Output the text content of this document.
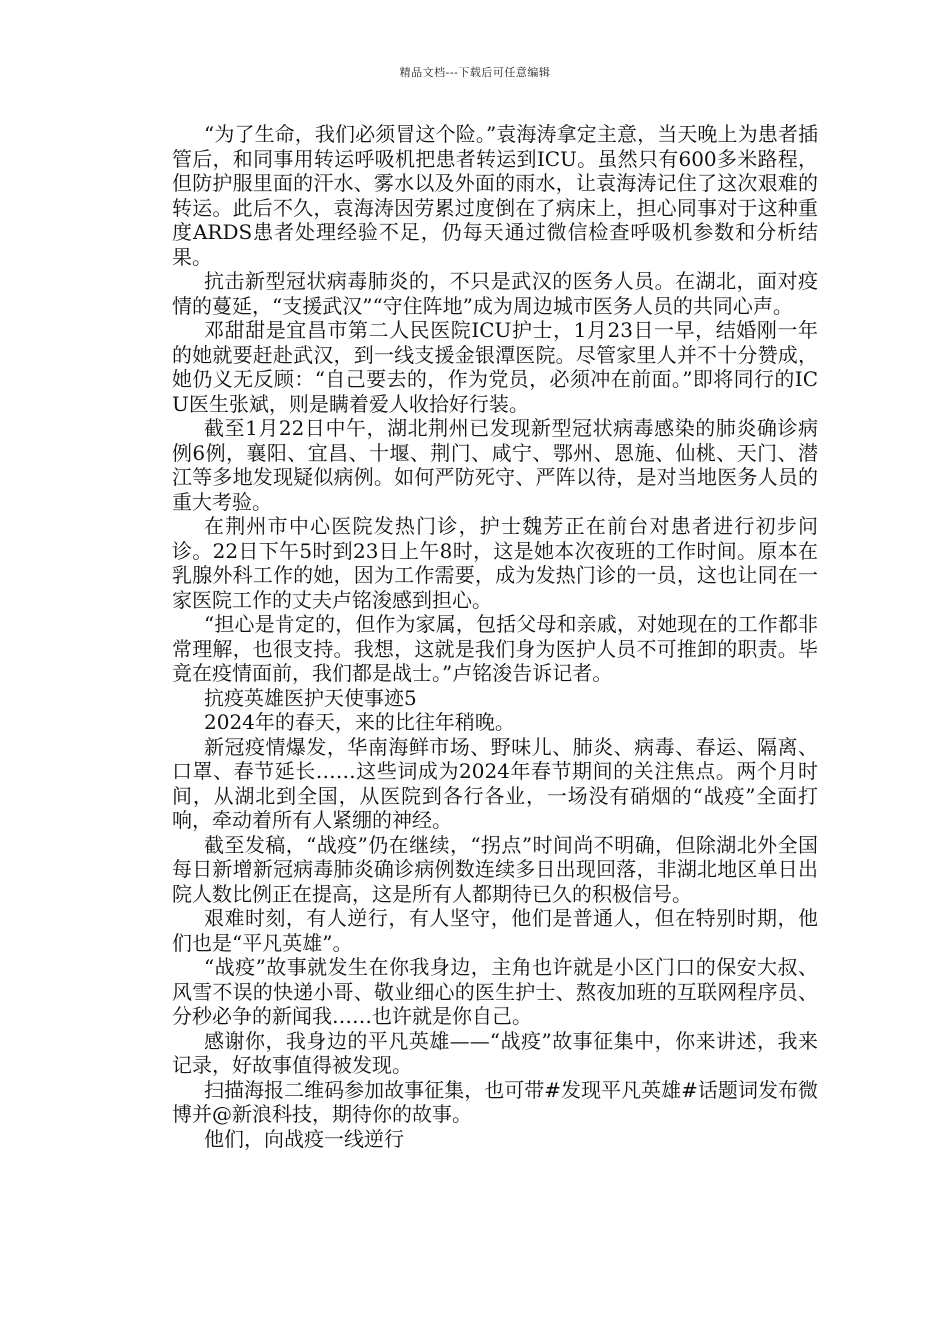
精品文档---下载后可任意编辑

“为了生命，我们必须冒这个险。”袁海涛拿定主意，当天晚上为患者插管后，和同事用转运呼吸机把患者转运到ICU。虽然只有600多米路程，但防护服里面的汗水、雾水以及外面的雨水，让袁海涛记住了这次艰难的转运。此后不久，袁海涛因劳累过度倒在了病床上，担心同事对于这种重度ARDS患者处理经验不足，仍每天通过微信检查呼吸机参数和分析结果。

抗击新型冠状病毒肺炎的，不只是武汉的医务人员。在湖北，面对疫情的蔓延，“支援武汉”“守住阵地”成为周边城市医务人员的共同心声。

邓甜甜是宜昌市第二人民医院ICU护士，1月23日一早，结婚刚一年的她就要赶赴武汉，到一线支援金银潭医院。尽管家里人并不十分赞成，她仍义无反顾：“自己要去的，作为党员，必须冲在前面。”即将同行的ICU医生张斌，则是瞒着爱人收拾好行装。

截至1月22日中午，湖北荆州已发现新型冠状病毒感染的肺炎确诊病例6例，襄阳、宜昌、十堰、荆门、咸宁、鄂州、恩施、仙桃、天门、潜江等多地发现疑似病例。如何严防死守、严阵以待，是对当地医务人员的重大考验。

在荆州市中心医院发热门诊，护士魏芳正在前台对患者进行初步问诊。22日下午5时到23日上午8时，这是她本次夜班的工作时间。原本在乳腺外科工作的她，因为工作需要，成为发热门诊的一员，这也让同在一家医院工作的丈夫卢铭浚感到担心。

“担心是肯定的，但作为家属，包括父母和亲戚，对她现在的工作都非常理解，也很支持。我想，这就是我们身为医护人员不可推卸的职责。毕竟在疫情面前，我们都是战士。”卢铭浚告诉记者。

抗疫英雄医护天使事迹5

2024年的春天，来的比往年稍晚。

新冠疫情爆发，华南海鲜市场、野味儿、肺炎、病毒、春运、隔离、口罩、春节延长……这些词成为2024年春节期间的关注焦点。两个月时间，从湖北到全国，从医院到各行各业，一场没有硝烟的“战疫”全面打响，牵动着所有人紧绷的神经。

截至发稿，“战疫”仍在继续，“拐点”时间尚不明确，但除湖北外全国每日新增新冠病毒肺炎确诊病例数连续多日出现回落，非湖北地区单日出院人数比例正在提高，这是所有人都期待已久的积极信号。

艰难时刻，有人逆行，有人坚守，他们是普通人，但在特别时期，他们也是“平凡英雄”。

“战疫”故事就发生在你我身边，主角也许就是小区门口的保安大叔、风雪不误的快递小哥、敬业细心的医生护士、熬夜加班的互联网程序员、分秒必争的新闻我……也许就是你自己。

感谢你，我身边的平凡英雄——“战疫”故事征集中，你来讲述，我来记录，好故事值得被发现。

扫描海报二维码参加故事征集，也可带#发现平凡英雄#话题词发布微博并@新浪科技，期待你的故事。

他们，向战疫一线逆行
